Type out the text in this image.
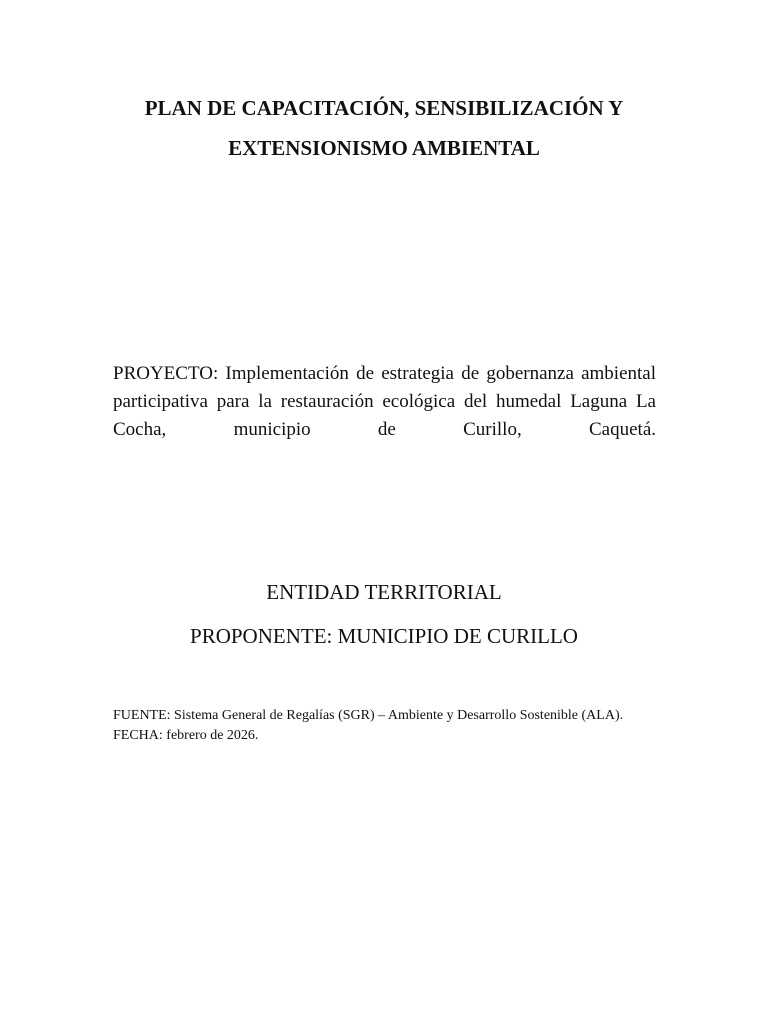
PLAN DE CAPACITACIÓN, SENSIBILIZACIÓN Y
EXTENSIONISMO AMBIENTAL

PROYECTO: Implementación de estrategia de gobernanza ambiental participativa para la restauración ecológica del humedal Laguna La Cocha, municipio de Curillo, Caquetá.

ENTIDAD TERRITORIAL
PROPONENTE: MUNICIPIO DE CURILLO
FUENTE: Sistema General de Regalías (SGR) – Ambiente y Desarrollo Sostenible (ALA).
FECHA: febrero de 2026.
